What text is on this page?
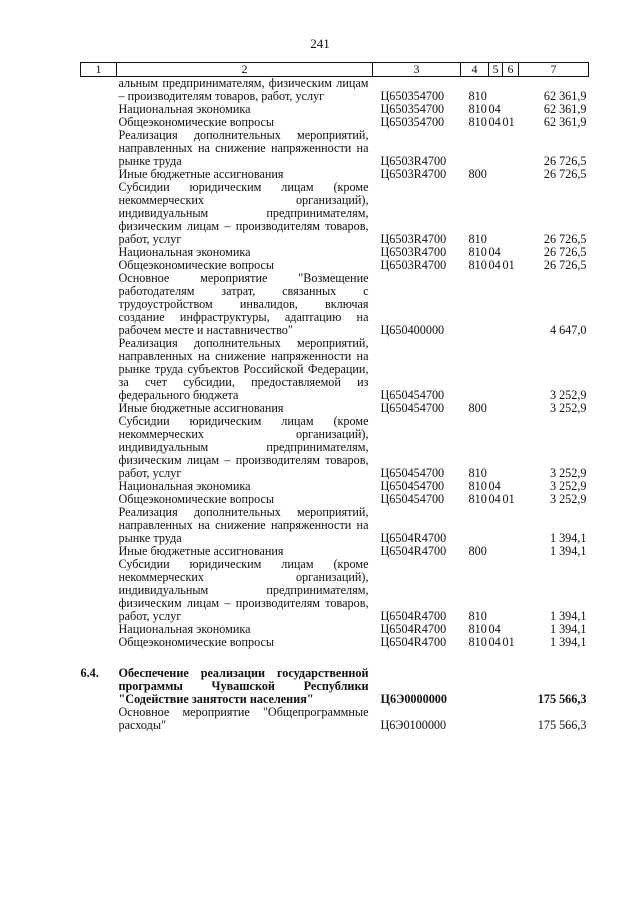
241
1	2	3	4	5	6	7
	альным предпринимателям, физическим лицам – производителям товаров, работ, услуг	Ц650354700	810			62 361,9
	Национальная экономика	Ц650354700	810	04		62 361,9
	Общеэкономические вопросы	Ц650354700	810	04	01	62 361,9
	Реализация дополнительных мероприятий, направленных на снижение напряженности на рынке труда	Ц6503R4700				26 726,5
	Иные бюджетные ассигнования	Ц6503R4700	800			26 726,5
	Субсидии юридическим лицам (кроме некоммерческих организаций), индивидуальным предпринимателям, физическим лицам – производителям товаров, работ, услуг	Ц6503R4700	810			26 726,5
	Национальная экономика	Ц6503R4700	810	04		26 726,5
	Общеэкономические вопросы	Ц6503R4700	810	04	01	26 726,5
	Основное мероприятие "Возмещение работодателям затрат, связанных с трудоустройством инвалидов, включая создание инфраструктуры, адаптацию на рабочем месте и наставничество"	Ц650400000				4 647,0
	Реализация дополнительных мероприятий, направленных на снижение напряженности на рынке труда субъектов Российской Федерации, за счет субсидии, предоставляемой из федерального бюджета	Ц650454700				3 252,9
	Иные бюджетные ассигнования	Ц650454700	800			3 252,9
	Субсидии юридическим лицам (кроме некоммерческих организаций), индивидуальным предпринимателям, физическим лицам – производителям товаров, работ, услуг	Ц650454700	810			3 252,9
	Национальная экономика	Ц650454700	810	04		3 252,9
	Общеэкономические вопросы	Ц650454700	810	04	01	3 252,9
	Реализация дополнительных мероприятий, направленных на снижение напряженности на рынке труда	Ц6504R4700				1 394,1
	Иные бюджетные ассигнования	Ц6504R4700	800			1 394,1
	Субсидии юридическим лицам (кроме некоммерческих организаций), индивидуальным предпринимателям, физическим лицам – производителям товаров, работ, услуг	Ц6504R4700	810			1 394,1
	Национальная экономика	Ц6504R4700	810	04		1 394,1
	Общеэкономические вопросы	Ц6504R4700	810	04	01	1 394,1

6.4.	Обеспечение реализации государственной программы Чувашской Республики "Содействие занятости населения"	Ц6Э0000000				175 566,3
	Основное мероприятие "Общепрограммные расходы"	Ц6Э0100000				175 566,3
